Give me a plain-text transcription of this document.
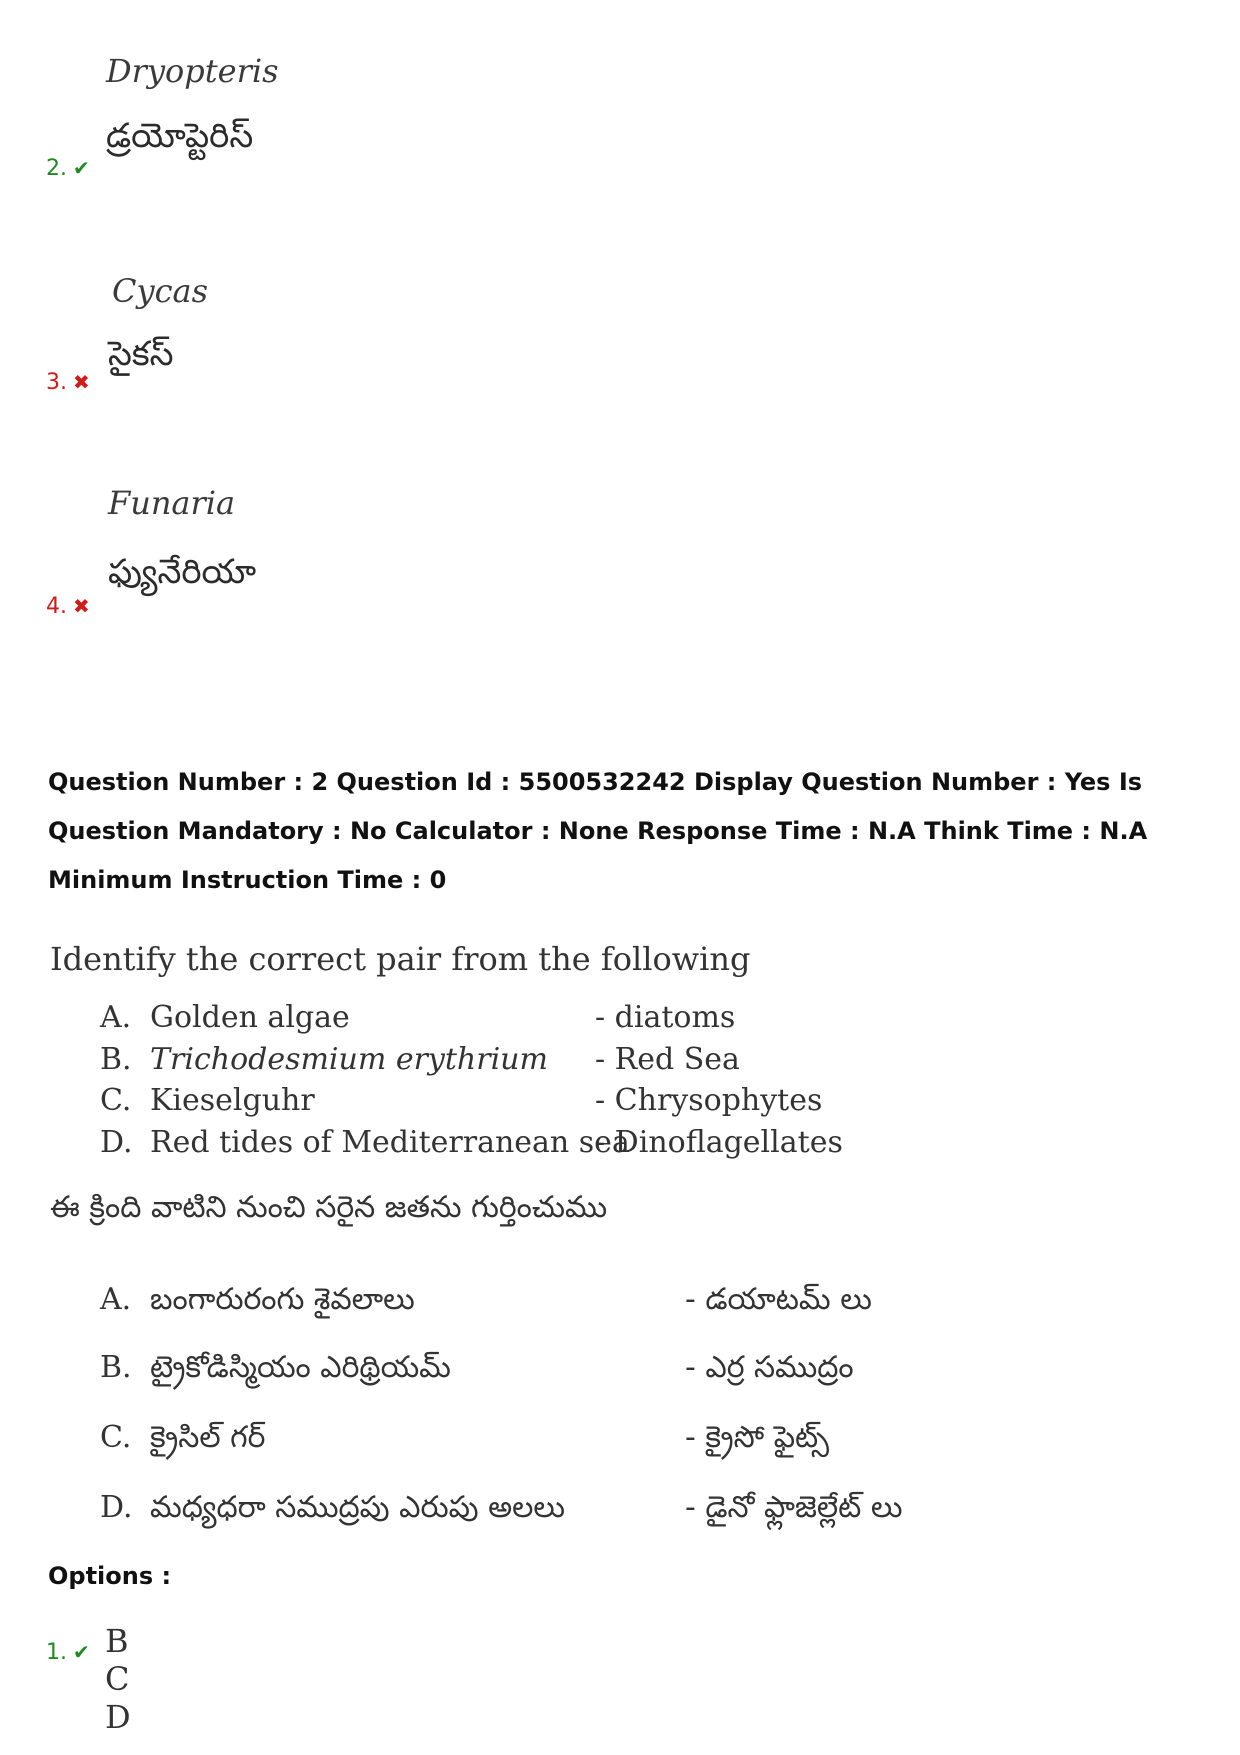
Dryopteris
డ్రయోప్టెరిస్
2. ✔
Cycas
సైకస్
3. ✖
Funaria
ఫ్యునేరియా
4. ✖
Question Number : 2 Question Id : 5500532242 Display Question Number : Yes Is Question Mandatory : No Calculator : None Response Time : N.A Think Time : N.A Minimum Instruction Time : 0
Identify the correct pair from the following
A. Golden algae	- diatoms
B. Trichodesmium erythrium - Red Sea
C. Kieselguhr	- Chrysophytes
D. Red tides of Mediterranean sea
- Dinoflagellates
ఈ క్రింది వాటిని నుంచి సరైన జతను గుర్తించుము
A. బంగారురంగు శైవలాలు	- డయాటమ్ లు
B. ట్రైకోడిస్మియం ఎరిథ్రియమ్	- ఎర్ర సముద్రం
C. క్రైసిల్ గర్	- క్రైసో ఫైట్స్
D. మధ్యధరా సముద్రపు ఎరుపు అలలు	- డైనో ఫ్లాజెల్లేట్ లు
Options :
1. ✔ B C D
